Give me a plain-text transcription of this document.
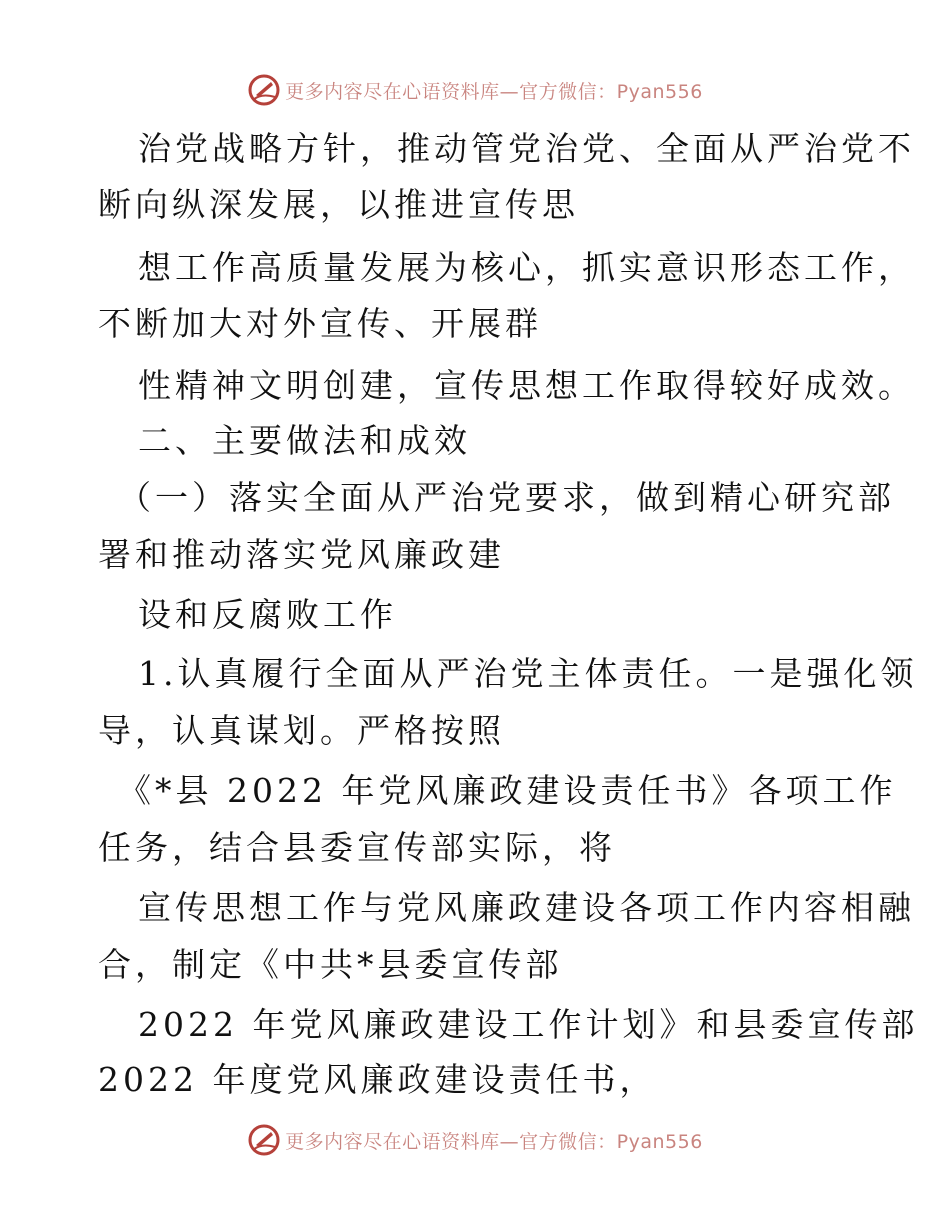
更多内容尽在心语资料库—官方微信：Pyan556
治党战略方针，推动管党治党、全面从严治党不
断向纵深发展，以推进宣传思
想工作高质量发展为核心，抓实意识形态工作，
不断加大对外宣传、开展群
性精神文明创建，宣传思想工作取得较好成效。
二、主要做法和成效
（一）落实全面从严治党要求，做到精心研究部
署和推动落实党风廉政建
设和反腐败工作
1.认真履行全面从严治党主体责任。一是强化领
导，认真谋划。严格按照
《*县 2022 年党风廉政建设责任书》各项工作
任务，结合县委宣传部实际，将
宣传思想工作与党风廉政建设各项工作内容相融
合，制定《中共*县委宣传部
2022 年党风廉政建设工作计划》和县委宣传部
2022 年度党风廉政建设责任书，
更多内容尽在心语资料库—官方微信：Pyan556
